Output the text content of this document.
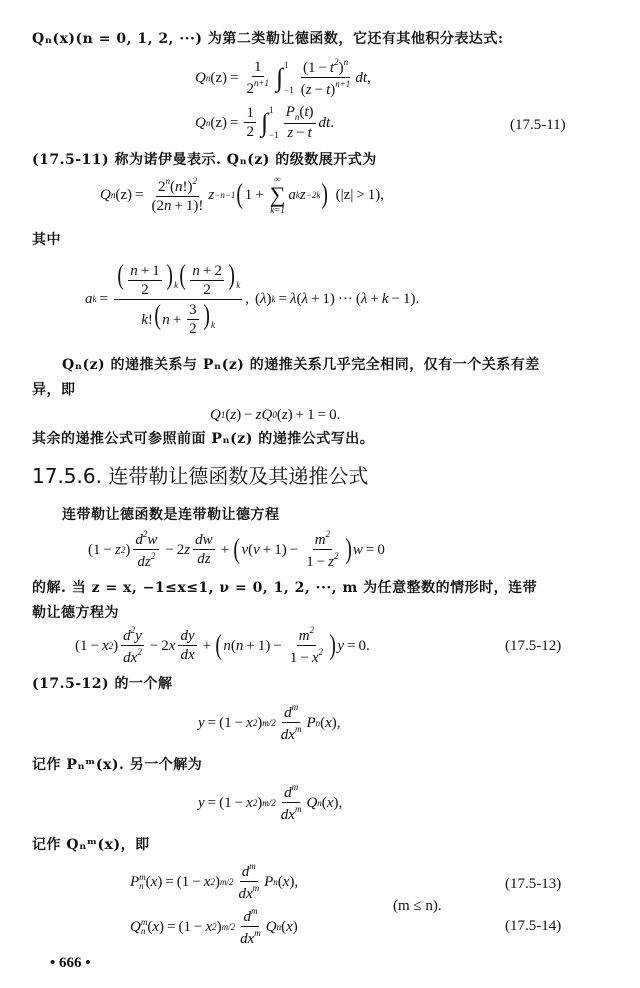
Qₙ(x)(n = 0, 1, 2, ···) 为第二类勒让德函数，它还有其他积分表达式:
Q n $(z) = \frac{1}{2^{n+1}}$ ∫ 1
$-1 \frac{(1 - t^2)^n}{(z - t)^{n+1}}$ dt ,
Q n $(z) = \frac{1}{2}$ ∫ 1
$-1 \frac{P_n(t)}{z - t}$ dt .	(17.5-11)
(17.5-11) 称为诺伊曼表示. Qₙ(z) 的级数展开式为
Q n $(z) = \frac{2^n(n!)^2}{(2n + 1)!}$ z −n−1 ( 1 + 
∞
∑
k=1
a k z −2k )   (|z| > 1),
其中
a $k = \frac{( \frac{n + 1}{2} )_k( \frac{n + 2}{2} )_k}{k!(n + \frac{3}{2} )_k}$ ,  ( λ ) k  =  λ ( λ  + 1) ··· ( λ  +  k  − 1).
Qₙ(z) 的递推关系与 Pₙ(z) 的递推关系几乎完全相同，仅有一个关系有差
异，即
Q 1 ( z ) −  zQ 0 ( z ) + 1 = 0.
其余的递推公式可参照前面 Pₙ(z) 的递推公式写出。
17.5.6. 连带勒让德函数及其递推公式
连带勒让德函数是连带勒让德方程
(1 −  z 2 ) $\frac{d^2w}{dz^2} - 2$ z $\frac{dw}{dz}$  +  ( ν ( $\nu + 1) - \frac{m^2}{1 - z^2}$ ) w  = 0
的解. 当 z = x, −1≤x≤1, ν = 0, 1, 2, ···, m 为任意整数的情形时，连带
勒让德方程为
(1 −  x 2 ) $\frac{d^2y}{dx^2} - 2$ x $\frac{dy}{dx}$  +  ( n ( $n + 1) - \frac{m^2}{1 - x^2}$ ) y  = 0.	(17.5-12)
(17.5-12) 的一个解
y  = (1 −  x 2 ) $m/2 \frac{d^m}{dx^m}$ P n ( x ),
记作 Pₙᵐ(x). 另一个解为
y  = (1 −  x 2 ) $m/2 \frac{d^m}{dx^m}$ Q n ( x ),
记作 Qₙᵐ(x)，即
P m
n ( x ) = (1 −  x 2 ) $m/2 \frac{d^m}{dx^m}$ P n ( x ),	(17.5-13)
(m ≤ n).
Q m
n ( x ) = (1 −  x 2 ) $m/2 \frac{d^m}{dx^m}$ Q n ( x )	(17.5-14)
• 666 •
